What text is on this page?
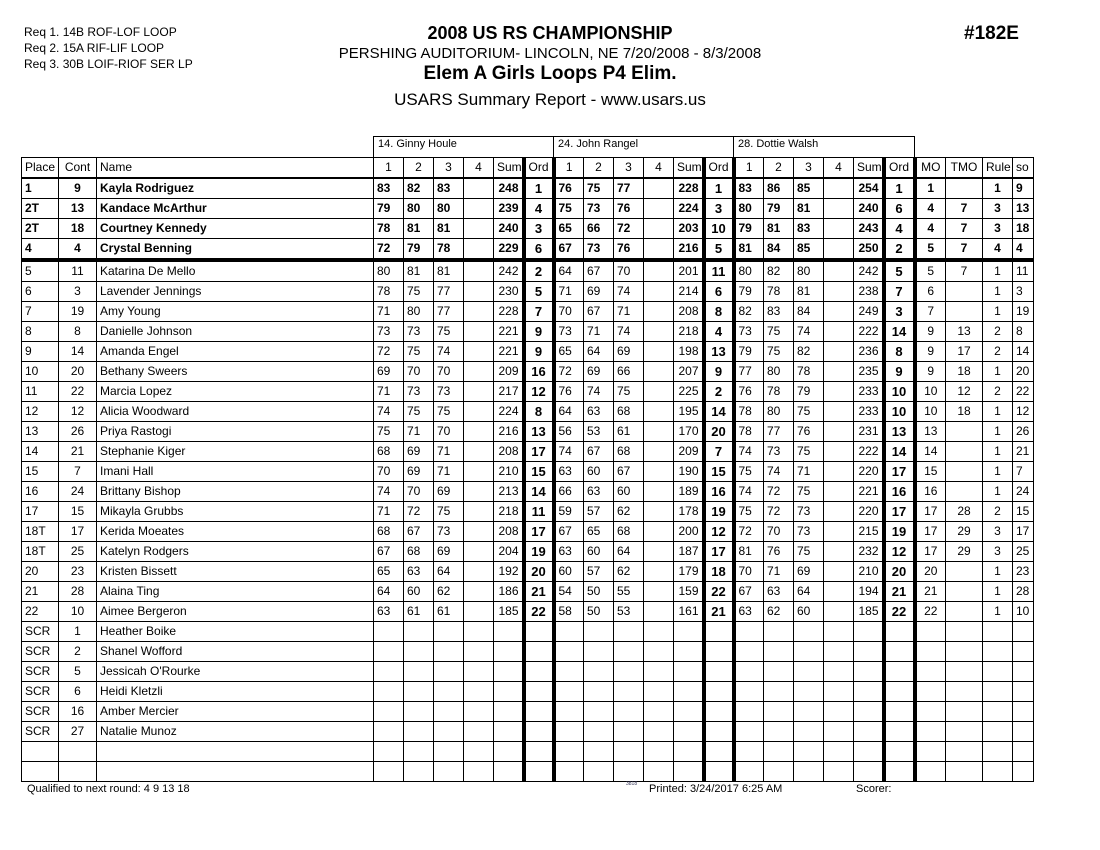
Req 1. 14B ROF-LOF LOOP
Req 2. 15A RIF-LIF LOOP
Req 3. 30B LOIF-RIOF SER LP
2008 US RS CHAMPIONSHIP
PERSHING AUDITORIUM- LINCOLN, NE 7/20/2008 - 8/3/2008
Elem A Girls Loops P4 Elim.
USARS Summary Report - www.usars.us
#182E
14. Ginny Houle	24. John Rangel	28. Dottie Walsh
Place	Cont	Name	1	2	3	4	Sum	Ord	1	2	3	4	Sum	Ord	1	2	3	4	Sum	Ord	MO	TMO	Rule	so
1	9	Kayla Rodriguez	83	82	83		248	1	76	75	77		228	1	83	86	85		254	1	1		1	9
2T	13	Kandace McArthur	79	80	80		239	4	75	73	76		224	3	80	79	81		240	6	4	7	3	13
2T	18	Courtney Kennedy	78	81	81		240	3	65	66	72		203	10	79	81	83		243	4	4	7	3	18
4	4	Crystal Benning	72	79	78		229	6	67	73	76		216	5	81	84	85		250	2	5	7	4	4
5	11	Katarina De Mello	80	81	81		242	2	64	67	70		201	11	80	82	80		242	5	5	7	1	11
6	3	Lavender Jennings	78	75	77		230	5	71	69	74		214	6	79	78	81		238	7	6		1	3
7	19	Amy Young	71	80	77		228	7	70	67	71		208	8	82	83	84		249	3	7		1	19
8	8	Danielle Johnson	73	73	75		221	9	73	71	74		218	4	73	75	74		222	14	9	13	2	8
9	14	Amanda Engel	72	75	74		221	9	65	64	69		198	13	79	75	82		236	8	9	17	2	14
10	20	Bethany Sweers	69	70	70		209	16	72	69	66		207	9	77	80	78		235	9	9	18	1	20
11	22	Marcia Lopez	71	73	73		217	12	76	74	75		225	2	76	78	79		233	10	10	12	2	22
12	12	Alicia Woodward	74	75	75		224	8	64	63	68		195	14	78	80	75		233	10	10	18	1	12
13	26	Priya Rastogi	75	71	70		216	13	56	53	61		170	20	78	77	76		231	13	13		1	26
14	21	Stephanie Kiger	68	69	71		208	17	74	67	68		209	7	74	73	75		222	14	14		1	21
15	7	Imani Hall	70	69	71		210	15	63	60	67		190	15	75	74	71		220	17	15		1	7
16	24	Brittany Bishop	74	70	69		213	14	66	63	60		189	16	74	72	75		221	16	16		1	24
17	15	Mikayla Grubbs	71	72	75		218	11	59	57	62		178	19	75	72	73		220	17	17	28	2	15
18T	17	Kerida Moeates	68	67	73		208	17	67	65	68		200	12	72	70	73		215	19	17	29	3	17
18T	25	Katelyn Rodgers	67	68	69		204	19	63	60	64		187	17	81	76	75		232	12	17	29	3	25
20	23	Kristen Bissett	65	63	64		192	20	60	57	62		179	18	70	71	69		210	20	20		1	23
21	28	Alaina Ting	64	60	62		186	21	54	50	55		159	22	67	63	64		194	21	21		1	28
22	10	Aimee Bergeron	63	61	61		185	22	58	50	53		161	21	63	62	60		185	22	22		1	10
SCR	1	Heather Boike																						
SCR	2	Shanel Wofford																						
SCR	5	Jessicah O'Rourke																						
SCR	6	Heidi Kletzli																						
SCR	16	Amber Mercier																						
SCR	27	Natalie Munoz																						

Qualified to next round: 4 9 13 18	3818 Printed: 3/24/2017 6:25 AM	Scorer:
